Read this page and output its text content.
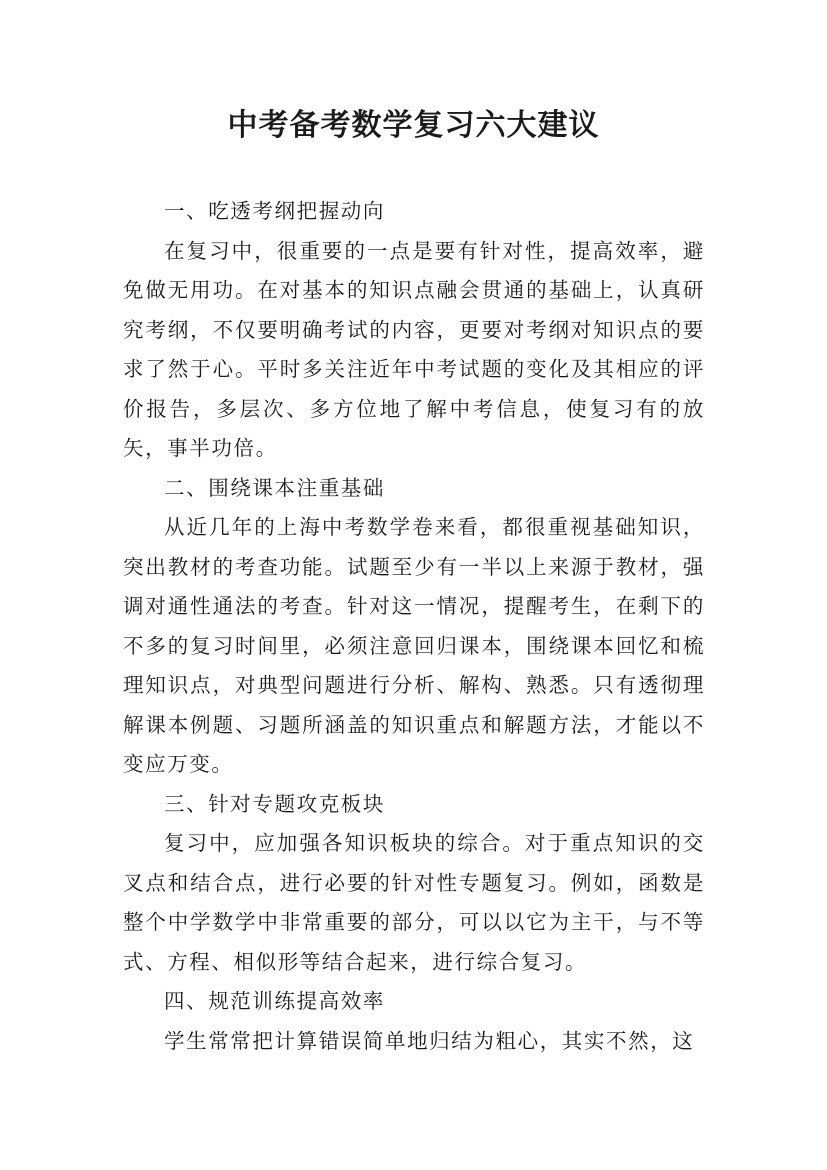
中考备考数学复习六大建议

一、吃透考纲把握动向

在复习中，很重要的一点是要有针对性，提高效率，避免做无用功。在对基本的知识点融会贯通的基础上，认真研究考纲，不仅要明确考试的内容，更要对考纲对知识点的要求了然于心。平时多关注近年中考试题的变化及其相应的评价报告，多层次、多方位地了解中考信息，使复习有的放矢，事半功倍。

二、围绕课本注重基础

从近几年的上海中考数学卷来看，都很重视基础知识，突出教材的考查功能。试题至少有一半以上来源于教材，强调对通性通法的考查。针对这一情况，提醒考生，在剩下的不多的复习时间里，必须注意回归课本，围绕课本回忆和梳理知识点，对典型问题进行分析、解构、熟悉。只有透彻理解课本例题、习题所涵盖的知识重点和解题方法，才能以不变应万变。

三、针对专题攻克板块

复习中，应加强各知识板块的综合。对于重点知识的交叉点和结合点，进行必要的针对性专题复习。例如，函数是整个中学数学中非常重要的部分，可以以它为主干，与不等式、方程、相似形等结合起来，进行综合复习。

四、规范训练提高效率

学生常常把计算错误简单地归结为粗心，其实不然，这
